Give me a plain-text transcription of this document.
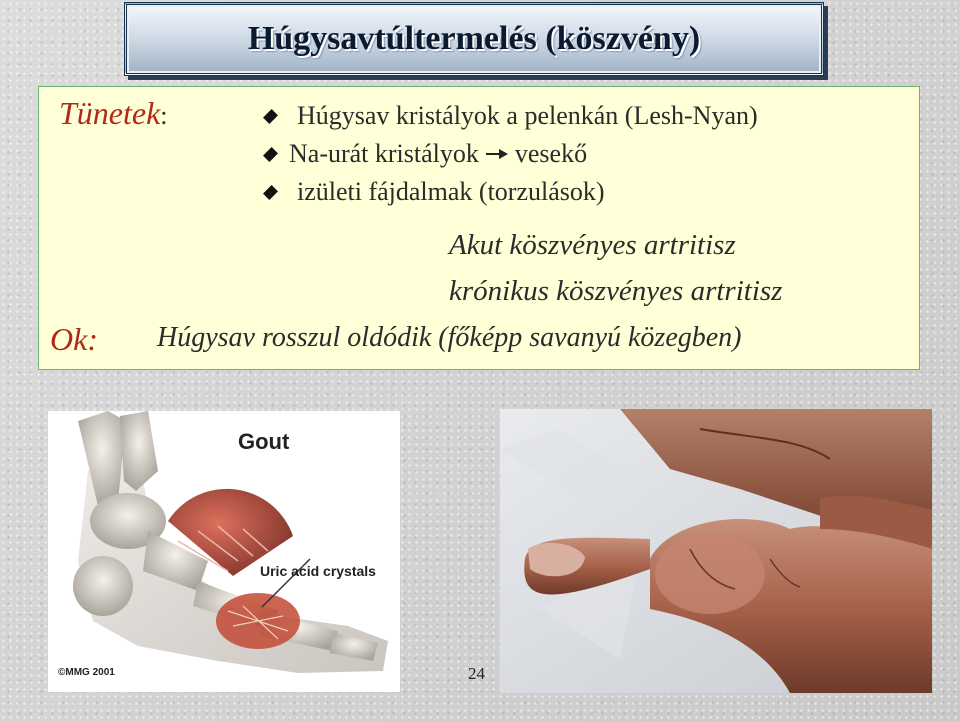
Húgysavtúltermelés (köszvény)
Tünetek:	Húgysav kristályok a pelenkán (Lesh-Nyan)
Na-urát kristályok vesekő
izületi fájdalmak (torzulások)
Akut köszvényes artritisz
krónikus köszvényes artritisz
Ok: Húgysav rosszul oldódik (főképp savanyú közegben)
Gout
Uric acid crystals
©MMG 2001	24
